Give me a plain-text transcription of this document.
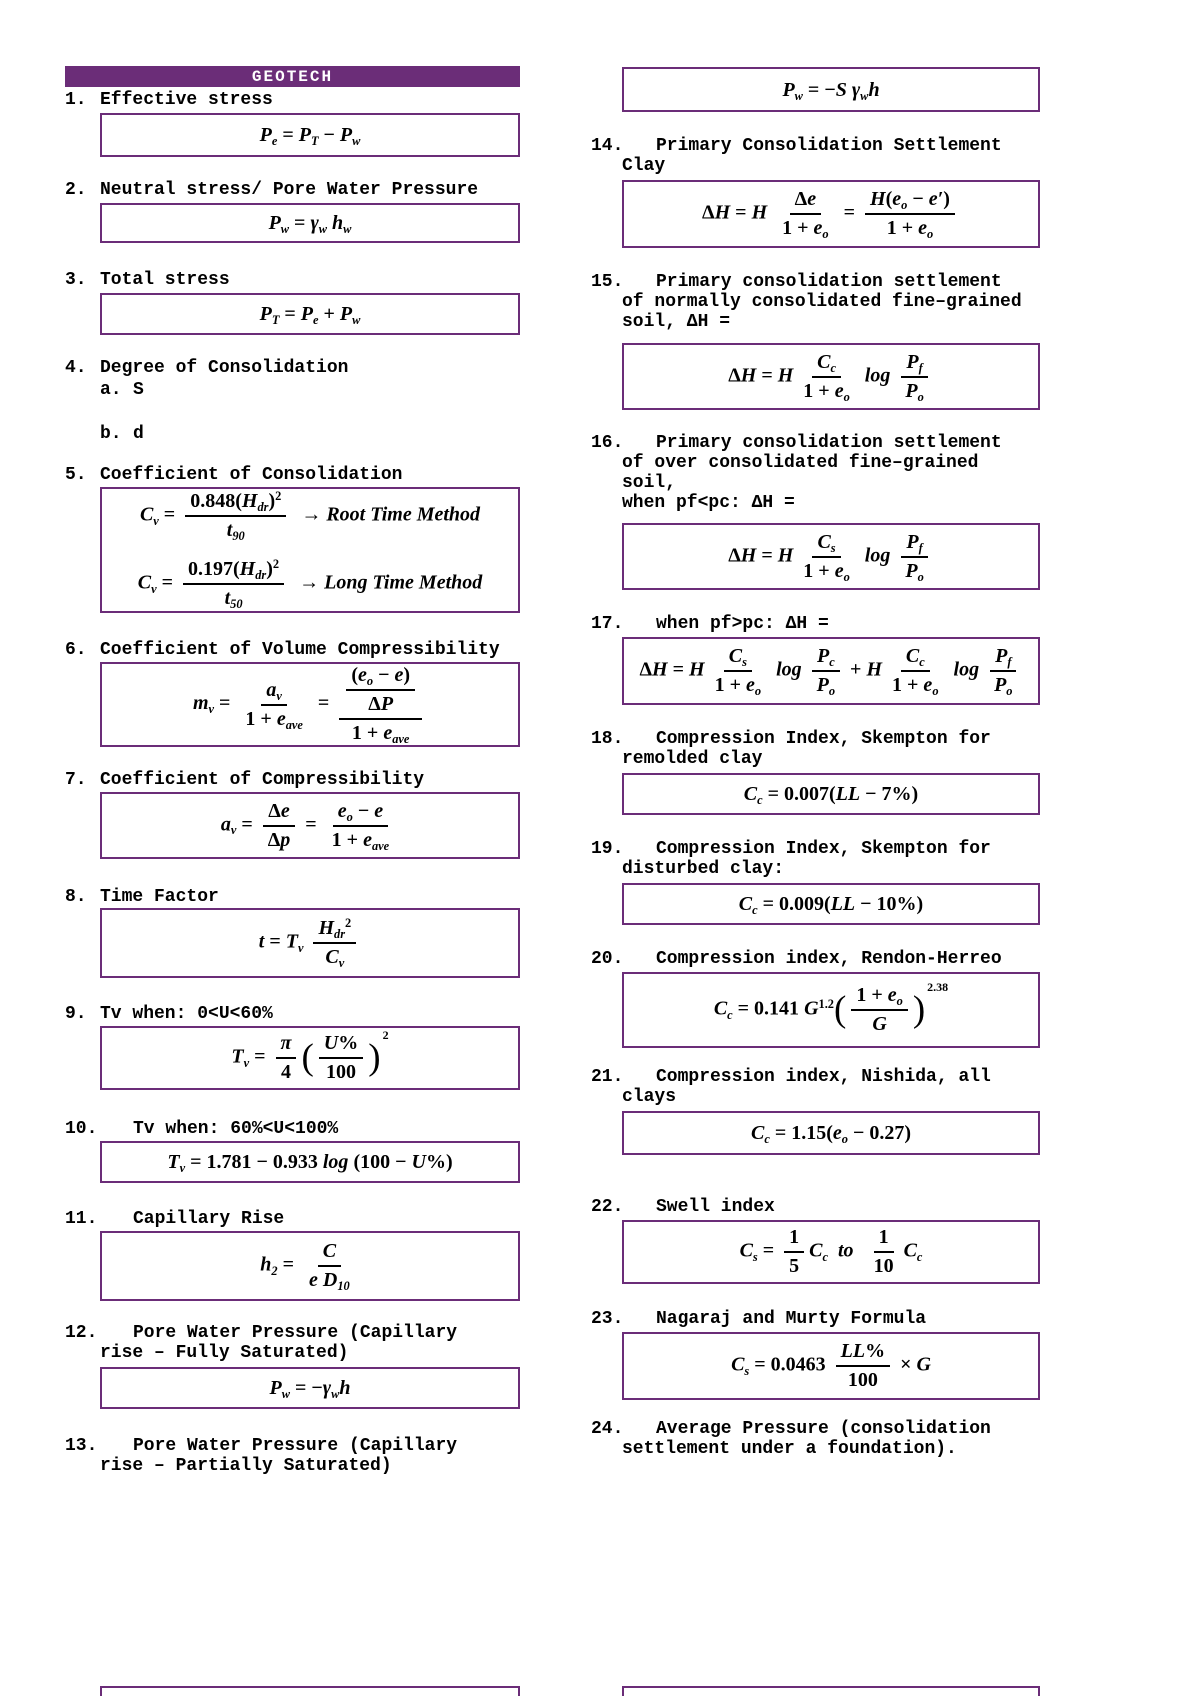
GEOTECH
1. Effective stress
$P_e = P_T - P_w$
2. Neutral stress/ Pore Water Pressure
$P_w = \gamma_w$ $h_w$
3. Total stress
$P_T = P_e + P_w$
4. Degree of Consolidation
a. S
b. d
5. Coefficient of Consolidation
$C_v = \frac{0.848(H_{dr})^2}{t_{90}}$ → Root Time Method
$C_v = \frac{0.197(H_{dr})^2}{t_{50}}$ → Long Time Method
6. Coefficient of Volume Compressibility
$m_v = \frac{a_v}{1 + e_{ave}} = \frac{\frac{(e_o - e)}{\Delta P}}{1 + e_{ave}}$
7. Coefficient of Compressibility
$a_v = \frac{\Delta e}{\Delta p} = \frac{e_o - e}{1 + e_{ave}}$
8. Time Factor
$t = T_v \frac{H_{dr}^2}{C_v}$
9. Tv when: 0<U<60%
$T_v = \frac{\pi}{4}$ ( $\frac{U\%}{100}$ )
2
10. Tv when: 60%<U<100%
$T_v = 1.781 - 0.933$ log (100 − U%)
11. Capillary Rise
$h_2 = \frac{C}{e D_{10}}$
12. Pore Water Pressure (Capillary
rise – Fully Saturated)
$P_w = -\gamma_wh$
13. Pore Water Pressure (Capillary
rise – Partially Saturated)
$P_w = -S$ $\gamma_wh$
14. Primary Consolidation Settlement
Clay
ΔH = H $\frac{\Delta e}{1 + e_o} = \frac{H(e_o - e')}{1 + e_o}$
15. Primary consolidation settlement
of normally consolidated fine–grained
soil, ΔH =
ΔH = H $\frac{C_c}{1 + e_o}$ $\log \frac{P_f}{P_o}$
16. Primary consolidation settlement
of over consolidated fine–grained
soil,
when pf<pc: ΔH =
ΔH = H $\frac{C_s}{1 + e_o}$ $\log \frac{P_f}{P_o}$
17. when pf>pc: ΔH =
ΔH = H $\frac{C_s}{1 + e_o}$ $\log \frac{P_c}{P_o} + H \frac{C_c}{1 + e_o}$ $\log \frac{P_f}{P_o}$
18. Compression Index, Skempton for
remolded clay
$C_c = 0.007(LL - 7\%)$
19. Compression Index, Skempton for
disturbed clay:
$C_c = 0.009(LL - 10\%)$
20. Compression index, Rendon-Herreo
$C_c = 0.141$ $G^{1.2}$ ( $\frac{1 + e_o}{G}$ )
2.38
21. Compression index, Nishida, all
clays
$C_c = 1.15(e_o - 0.27)$
22. Swell index
$C_s = \frac{1}{5} C_c$ to $\frac{1}{10} C_c$
23. Nagaraj and Murty Formula
$C_s = 0.0463 \frac{LL\%}{100} \times G$
24. Average Pressure (consolidation
settlement under a foundation).
